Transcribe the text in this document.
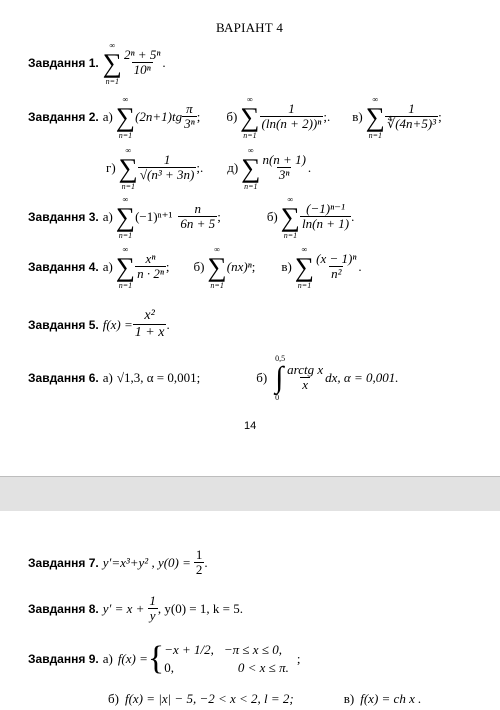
ВАРІАНТ 4
Завдання 1.
∞
∑
n=1
$\frac{\text{2ⁿ + 5ⁿ}}{\text{10ⁿ}}$ .
Завдання 2. а)
∞
∑
n=1
$(2n+1)tg \frac{\pi}{\text{3ⁿ}}$ ; б)
∞
∑
n=1
$\frac{1}{\text{(ln(n + 2))ⁿ}}$ ;. в)
∞
∑
n=1
$\frac{1}{\text{∜(4n+5)³}}$ ;
г)
∞
∑
n=1
$\frac{1}{\text{√(n³ + 3n)}}$ ;. д)
∞
∑
n=1
$\frac{n(n + 1)}{\text{3ⁿ}}$ .
Завдання 3. а)
∞
∑
n=1
$(-1)^{n+1} \frac{n}{6n + 5}$ ;	б)
∞
∑
n=1
$\frac{\text{(−1)ⁿ⁻¹}}{\ln(n + 1)}$ .
Завдання 4. а)
∞
∑
n=1
$\frac{\text{xⁿ}}{\text{n · 2ⁿ}}$ ; б)
∞
∑
n=1
(nx)ⁿ ; в)
∞
∑
n=1
$\frac{\text{(x − 1)ⁿ}}{\text{n²}}$ .
Завдання 5. $f(x) = \frac{\text{x²}}{1 + x}$ .
Завдання 6. а) √1,3 , α = 0,001;	б)
0,5
∫
0
$\frac{\text{arctg x}}{x}$ dx, α = 0,001.
14
Завдання 7. y′=x³+y² , $y(0) = \frac{1}{2}$ .
Завдання 8. $y' = x + \frac{1}{y}$ , y(0) = 1, k = 5.
Завдання 9. а) f(x) = { −x + 1/2, −π ≤ x ≤ 0,
0,	0 < x ≤ π.
;
б) f(x) = |x| − 5, −2 < x < 2, l = 2;	в) f(x) = ch x .
